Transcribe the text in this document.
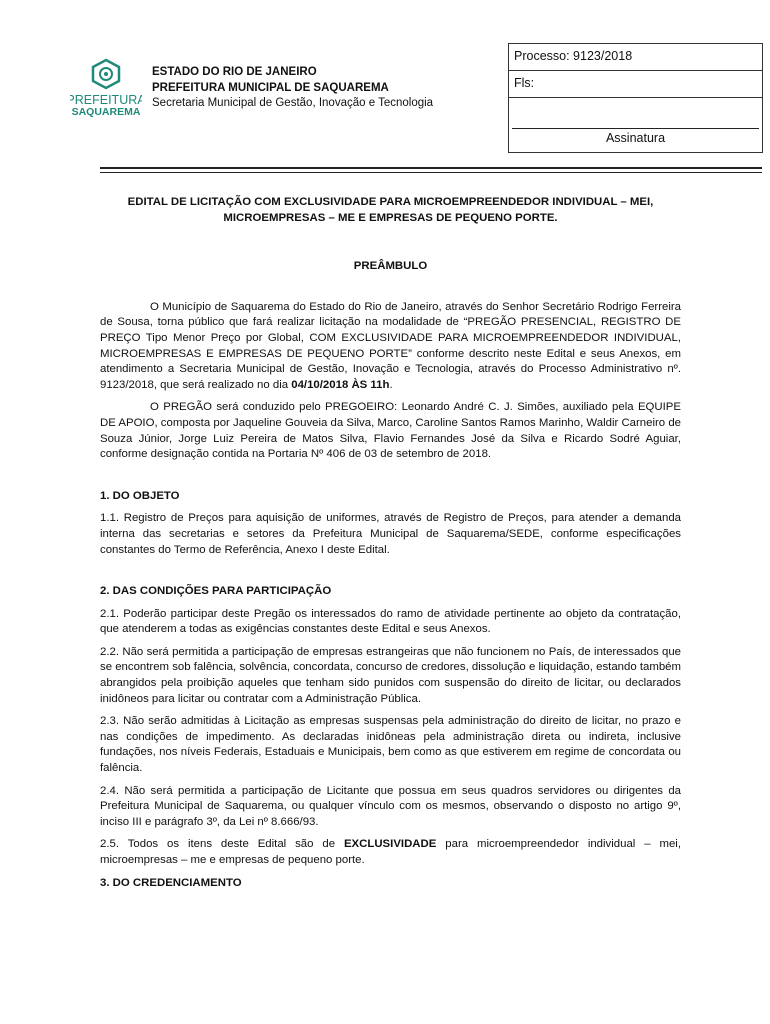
PREFEITURA
SAQUAREMA
ESTADO DO RIO DE JANEIRO
PREFEITURA MUNICIPAL DE SAQUAREMA
Secretaria Municipal de Gestão, Inovação e Tecnologia
Processo: 9123/2018
Fls:
Assinatura

EDITAL DE LICITAÇÃO COM EXCLUSIVIDADE PARA MICROEMPREENDEDOR INDIVIDUAL – MEI, MICROEMPRESAS – ME E EMPRESAS DE PEQUENO PORTE.

PREÂMBULO

O Município de Saquarema do Estado do Rio de Janeiro, através do Senhor Secretário Rodrigo Ferreira de Sousa, torna público que fará realizar licitação na modalidade de “PREGÃO PRESENCIAL, REGISTRO DE PREÇO Tipo Menor Preço por Global, COM EXCLUSIVIDADE PARA MICROEMPREENDEDOR INDIVIDUAL, MICROEMPRESAS E EMPRESAS DE PEQUENO PORTE” conforme descrito neste Edital e seus Anexos, em atendimento a Secretaria Municipal de Gestão, Inovação e Tecnologia, através do Processo Administrativo nº. 9123/2018, que será realizado no dia 04/10/2018 ÀS 11h.

O PREGÃO será conduzido pelo PREGOEIRO: Leonardo André C. J. Simões, auxiliado pela EQUIPE DE APOIO, composta por Jaqueline Gouveia da Silva, Marco, Caroline Santos Ramos Marinho, Waldir Carneiro de Souza Júnior, Jorge Luiz Pereira de Matos Silva, Flavio Fernandes José da Silva e Ricardo Sodré Aguiar, conforme designação contida na Portaria Nº 406 de 03 de setembro de 2018.

1. DO OBJETO

1.1. Registro de Preços para aquisição de uniformes, através de Registro de Preços, para atender a demanda interna das secretarias e setores da Prefeitura Municipal de Saquarema/SEDE, conforme especificações constantes do Termo de Referência, Anexo I deste Edital.

2. DAS CONDIÇÕES PARA PARTICIPAÇÃO

2.1. Poderão participar deste Pregão os interessados do ramo de atividade pertinente ao objeto da contratação, que atenderem a todas as exigências constantes deste Edital e seus Anexos.

2.2. Não será permitida a participação de empresas estrangeiras que não funcionem no País, de interessados que se encontrem sob falência, solvência, concordata, concurso de credores, dissolução e liquidação, estando também abrangidos pela proibição aqueles que tenham sido punidos com suspensão do direito de licitar, ou declarados inidôneos para licitar ou contratar com a Administração Pública.

2.3. Não serão admitidas à Licitação as empresas suspensas pela administração do direito de licitar, no prazo e nas condições de impedimento. As declaradas inidôneas pela administração direta ou indireta, inclusive fundações, nos níveis Federais, Estaduais e Municipais, bem como as que estiverem em regime de concordata ou falência.

2.4. Não será permitida a participação de Licitante que possua em seus quadros servidores ou dirigentes da Prefeitura Municipal de Saquarema, ou qualquer vínculo com os mesmos, observando o disposto no artigo 9º, inciso III e parágrafo 3º, da Lei nº 8.666/93.

2.5. Todos os itens deste Edital são de EXCLUSIVIDADE para microempreendedor individual – mei, microempresas – me e empresas de pequeno porte.

3. DO CREDENCIAMENTO
